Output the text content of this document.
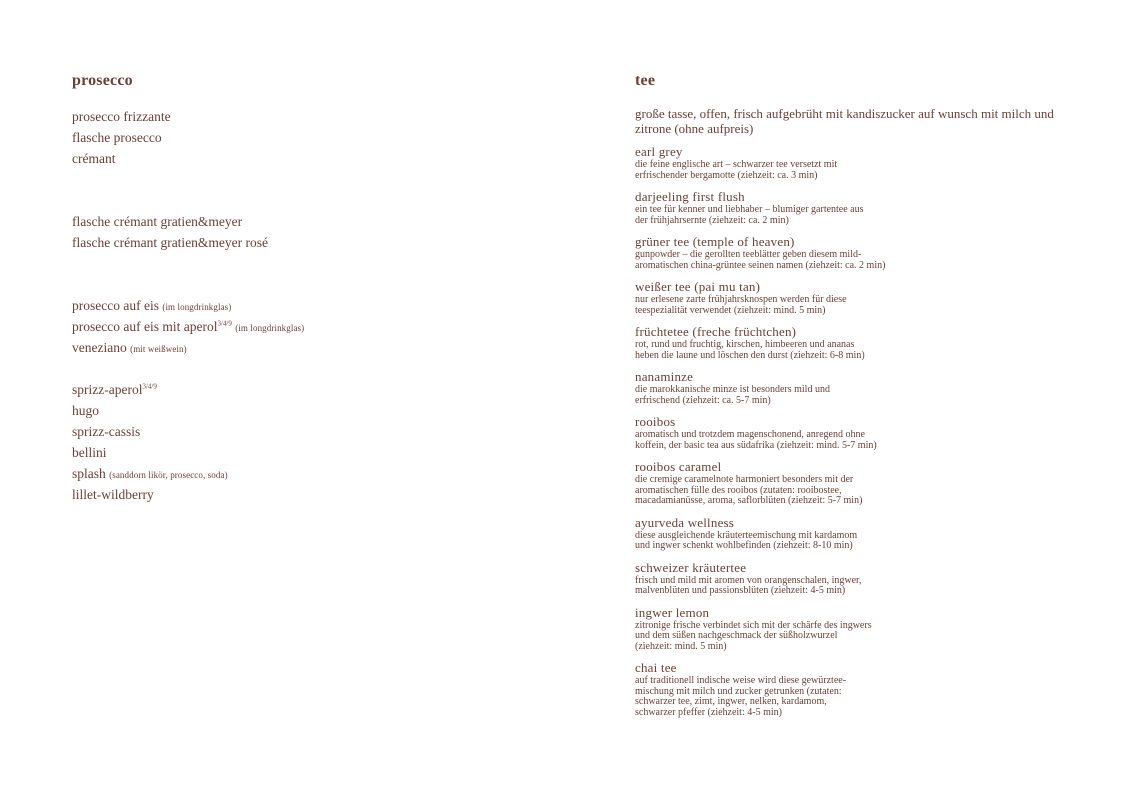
prosecco
prosecco frizzante
flasche prosecco
crémant
flasche crémant gratien&meyer
flasche crémant gratien&meyer rosé
prosecco auf eis (im longdrinkglas)
prosecco auf eis mit aperol$^{3/4/9}$ (im longdrinkglas)
veneziano (mit weißwein)
sprizz-aperol$^{3/4/9}$
hugo
sprizz-cassis
bellini
splash (sanddorn likör, prosecco, soda)
lillet-wildberry
tee
große tasse, offen, frisch aufgebrüht mit kandiszucker auf wunsch mit milch und zitrone (ohne aufpreis)
earl grey
die feine englische art – schwarzer tee versetzt mit
erfrischender bergamotte (ziehzeit: ca. 3 min)
darjeeling first flush
ein tee für kenner und liebhaber – blumiger gartentee aus
der frühjahrsernte (ziehzeit: ca. 2 min)
grüner tee (temple of heaven)
gunpowder – die gerollten teeblätter geben diesem mild-
aromatischen china-grüntee seinen namen (ziehzeit: ca. 2 min)
weißer tee (pai mu tan)
nur erlesene zarte frühjahrsknospen werden für diese
teespezialität verwendet (ziehzeit: mind. 5 min)
früchtetee (freche früchtchen)
rot, rund und fruchtig, kirschen, himbeeren und ananas
heben die laune und löschen den durst (ziehzeit: 6-8 min)
nanaminze
die marokkanische minze ist besonders mild und
erfrischend (ziehzeit: ca. 5-7 min)
rooibos
aromatisch und trotzdem magenschonend, anregend ohne
koffein, der basic tea aus südafrika (ziehzeit: mind. 5-7 min)
rooibos caramel
die cremige caramelnote harmoniert besonders mit der
aromatischen fülle des rooibos (zutaten: rooibostee,
macadamianüsse, aroma, saflorblüten (ziehzeit: 5-7 min)
ayurveda wellness
diese ausgleichende kräuterteemischung mit kardamom
und ingwer schenkt wohlbefinden (ziehzeit: 8-10 min)
schweizer kräutertee
frisch und mild mit aromen von orangenschalen, ingwer,
malvenblüten und passionsblüten (ziehzeit: 4-5 min)
ingwer lemon
zitronige frische verbindet sich mit der schärfe des ingwers
und dem süßen nachgeschmack der süßholzwurzel
(ziehzeit: mind. 5 min)
chai tee
auf traditionell indische weise wird diese gewürztee-
mischung mit milch und zucker getrunken (zutaten:
schwarzer tee, zimt, ingwer, nelken, kardamom,
schwarzer pfeffer (ziehzeit: 4-5 min)
